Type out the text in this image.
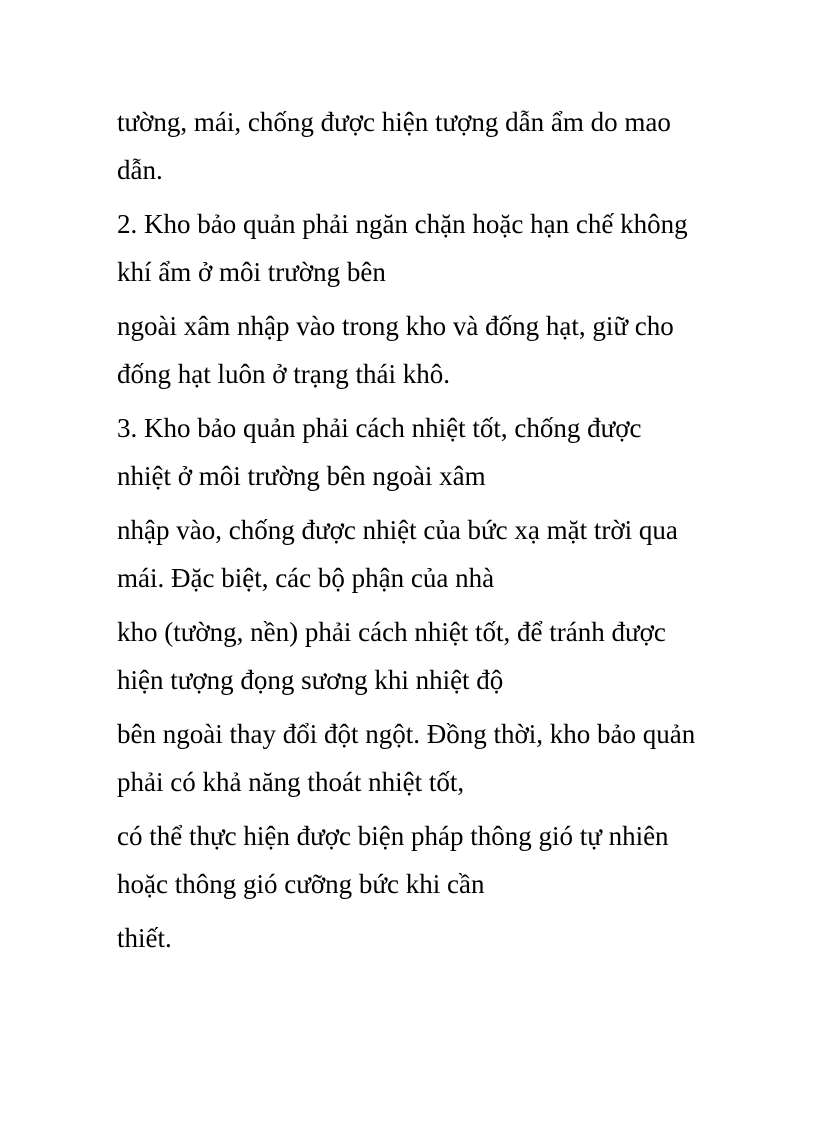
tường, mái, chống được hiện tượng dẫn ẩm do mao
dẫn.

2. Kho bảo quản phải ngăn chặn hoặc hạn chế không
khí ẩm ở môi trường bên

ngoài xâm nhập vào trong kho và đống hạt, giữ cho
đống hạt luôn ở trạng thái khô.

3. Kho bảo quản phải cách nhiệt tốt, chống được
nhiệt ở môi trường bên ngoài xâm

nhập vào, chống được nhiệt của bức xạ mặt trời qua
mái. Đặc biệt, các bộ phận của nhà

kho (tường, nền) phải cách nhiệt tốt, để tránh được
hiện tượng đọng sương khi nhiệt độ

bên ngoài thay đổi đột ngột. Đồng thời, kho bảo quản
phải có khả năng thoát nhiệt tốt,

có thể thực hiện được biện pháp thông gió tự nhiên
hoặc thông gió cưỡng bức khi cần

thiết.
